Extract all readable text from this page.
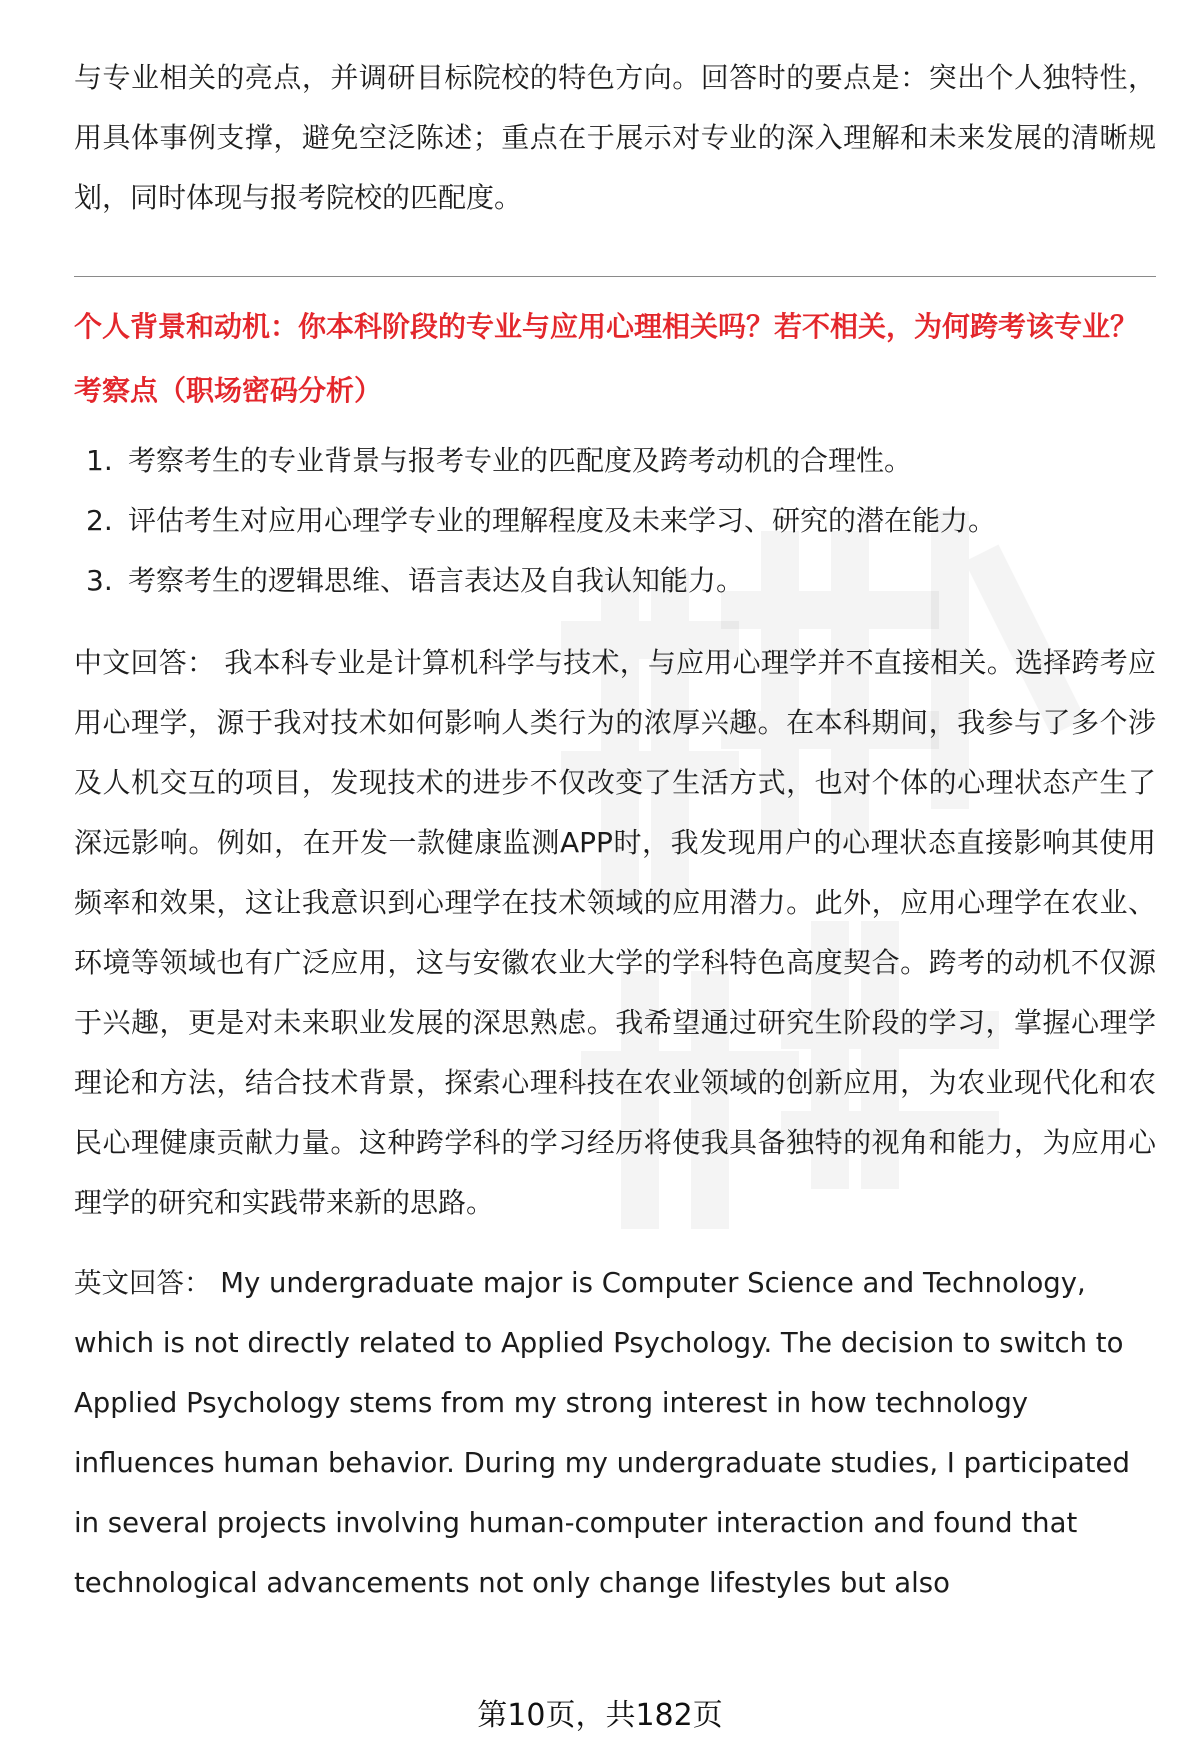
与专业相关的亮点，并调研目标院校的特色方向。回答时的要点是：突出个人独特性，用具体事例支撑，避免空泛陈述；重点在于展示对专业的深入理解和未来发展的清晰规划，同时体现与报考院校的匹配度。

个人背景和动机：你本科阶段的专业与应用心理相关吗？若不相关，为何跨考该专业？

考察点（职场密码分析）

1. 考察考生的专业背景与报考专业的匹配度及跨考动机的合理性。
2. 评估考生对应用心理学专业的理解程度及未来学习、研究的潜在能力。
3. 考察考生的逻辑思维、语言表达及自我认知能力。

中文回答： 我本科专业是计算机科学与技术，与应用心理学并不直接相关。选择跨考应用心理学，源于我对技术如何影响人类行为的浓厚兴趣。在本科期间，我参与了多个涉及人机交互的项目，发现技术的进步不仅改变了生活方式，也对个体的心理状态产生了深远影响。例如，在开发一款健康监测APP时，我发现用户的心理状态直接影响其使用频率和效果，这让我意识到心理学在技术领域的应用潜力。此外，应用心理学在农业、环境等领域也有广泛应用，这与安徽农业大学的学科特色高度契合。跨考的动机不仅源于兴趣，更是对未来职业发展的深思熟虑。我希望通过研究生阶段的学习，掌握心理学理论和方法，结合技术背景，探索心理科技在农业领域的创新应用，为农业现代化和农民心理健康贡献力量。这种跨学科的学习经历将使我具备独特的视角和能力，为应用心理学的研究和实践带来新的思路。

英文回答： My undergraduate major is Computer Science and Technology, which is not directly related to Applied Psychology. The decision to switch to Applied Psychology stems from my strong interest in how technology influences human behavior. During my undergraduate studies, I participated in several projects involving human-computer interaction and found that technological advancements not only change lifestyles but also

第10页，共182页
